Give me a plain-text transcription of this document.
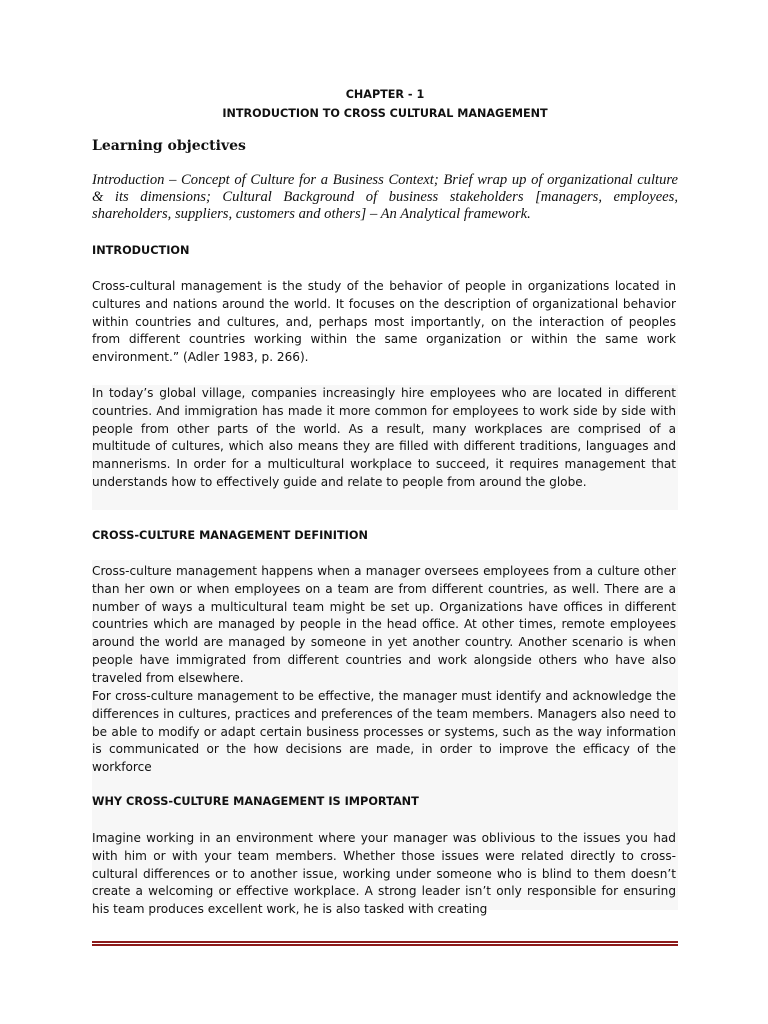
CHAPTER - 1
INTRODUCTION TO CROSS CULTURAL MANAGEMENT
Learning objectives

Introduction – Concept of Culture for a Business Context; Brief wrap up of organizational culture & its dimensions; Cultural Background of business stakeholders [managers, employees, shareholders, suppliers, customers and others] – An Analytical framework.

INTRODUCTION

Cross-cultural management is the study of the behavior of people in organizations located in cultures and nations around the world. It focuses on the description of organizational behavior within countries and cultures, and, perhaps most importantly, on the interaction of peoples from different countries working within the same organization or within the same work environment.” (Adler 1983, p. 266).

In today’s global village, companies increasingly hire employees who are located in different countries. And immigration has made it more common for employees to work side by side with people from other parts of the world. As a result, many workplaces are comprised of a multitude of cultures, which also means they are filled with different traditions, languages and mannerisms. In order for a multicultural workplace to succeed, it requires management that understands how to effectively guide and relate to people from around the globe.

CROSS-CULTURE MANAGEMENT DEFINITION

Cross-culture management happens when a manager oversees employees from a culture other than her own or when employees on a team are from different countries, as well. There are a number of ways a multicultural team might be set up. Organizations have offices in different countries which are managed by people in the head office. At other times, remote employees around the world are managed by someone in yet another country. Another scenario is when people have immigrated from different countries and work alongside others who have also traveled from elsewhere.

For cross-culture management to be effective, the manager must identify and acknowledge the differences in cultures, practices and preferences of the team members. Managers also need to be able to modify or adapt certain business processes or systems, such as the way information is communicated or the how decisions are made, in order to improve the efficacy of the workforce

WHY CROSS-CULTURE MANAGEMENT IS IMPORTANT

Imagine working in an environment where your manager was oblivious to the issues you had with him or with your team members. Whether those issues were related directly to cross-cultural differences or to another issue, working under someone who is blind to them doesn’t create a welcoming or effective workplace. A strong leader isn’t only responsible for ensuring his team produces excellent work, he is also tasked with creating
